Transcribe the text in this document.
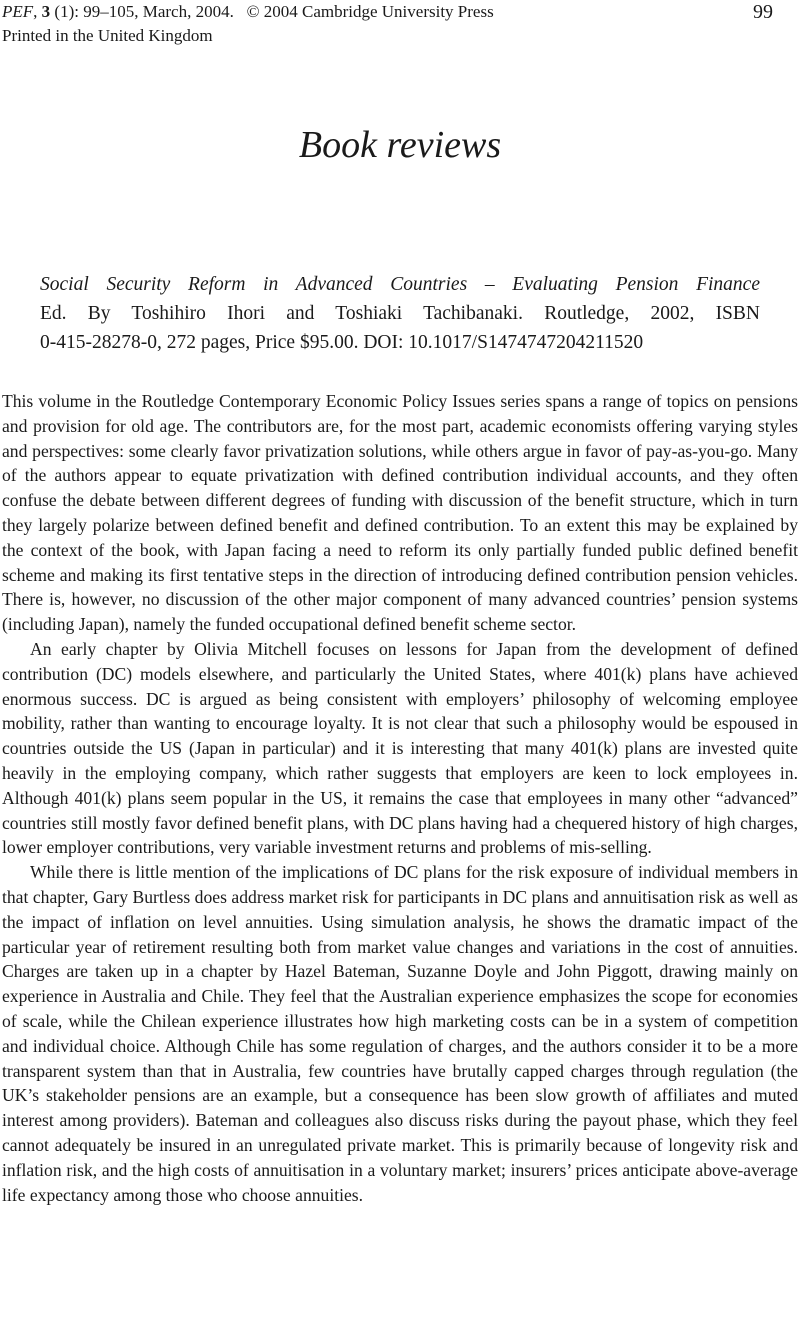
PEF, 3 (1): 99–105, March, 2004. © 2004 Cambridge University Press
Printed in the United Kingdom
99
Book reviews
Social Security Reform in Advanced Countries – Evaluating Pension Finance
Ed. By Toshihiro Ihori and Toshiaki Tachibanaki. Routledge, 2002, ISBN
0-415-28278-0, 272 pages, Price $95.00. DOI: 10.1017/S1474747204211520

This volume in the Routledge Contemporary Economic Policy Issues series spans a range of topics on pensions and provision for old age. The contributors are, for the most part, academic economists offering varying styles and perspectives: some clearly favor privatization solutions, while others argue in favor of pay-as-you-go. Many of the authors appear to equate privatization with defined contribution individual accounts, and they often confuse the debate between different degrees of funding with discussion of the benefit structure, which in turn they largely polarize between defined benefit and defined contribution. To an extent this may be explained by the context of the book, with Japan facing a need to reform its only partially funded public defined benefit scheme and making its first tentative steps in the direction of introducing defined contribution pension vehicles. There is, however, no discussion of the other major component of many advanced countries’ pension systems (including Japan), namely the funded occupational defined benefit scheme sector.

An early chapter by Olivia Mitchell focuses on lessons for Japan from the development of defined contribution (DC) models elsewhere, and particularly the United States, where 401(k) plans have achieved enormous success. DC is argued as being consistent with employers’ philosophy of welcoming employee mobility, rather than wanting to encourage loyalty. It is not clear that such a philosophy would be espoused in countries outside the US (Japan in particular) and it is interesting that many 401(k) plans are invested quite heavily in the employing company, which rather suggests that employers are keen to lock employees in. Although 401(k) plans seem popular in the US, it remains the case that employees in many other “advanced” countries still mostly favor defined benefit plans, with DC plans having had a chequered history of high charges, lower employer contributions, very variable investment returns and problems of mis-selling.

While there is little mention of the implications of DC plans for the risk exposure of individual members in that chapter, Gary Burtless does address market risk for participants in DC plans and annuitisation risk as well as the impact of inflation on level annuities. Using simulation analysis, he shows the dramatic impact of the particular year of retirement resulting both from market value changes and variations in the cost of annuities. Charges are taken up in a chapter by Hazel Bateman, Suzanne Doyle and John Piggott, drawing mainly on experience in Australia and Chile. They feel that the Australian experience emphasizes the scope for economies of scale, while the Chilean experience illustrates how high marketing costs can be in a system of competition and individual choice. Although Chile has some regulation of charges, and the authors consider it to be a more transparent system than that in Australia, few countries have brutally capped charges through regulation (the UK’s stakeholder pensions are an example, but a consequence has been slow growth of affiliates and muted interest among providers). Bateman and colleagues also discuss risks during the payout phase, which they feel cannot adequately be insured in an unregulated private market. This is primarily because of longevity risk and inflation risk, and the high costs of annuitisation in a voluntary market; insurers’ prices anticipate above-average life expectancy among those who choose annuities.
